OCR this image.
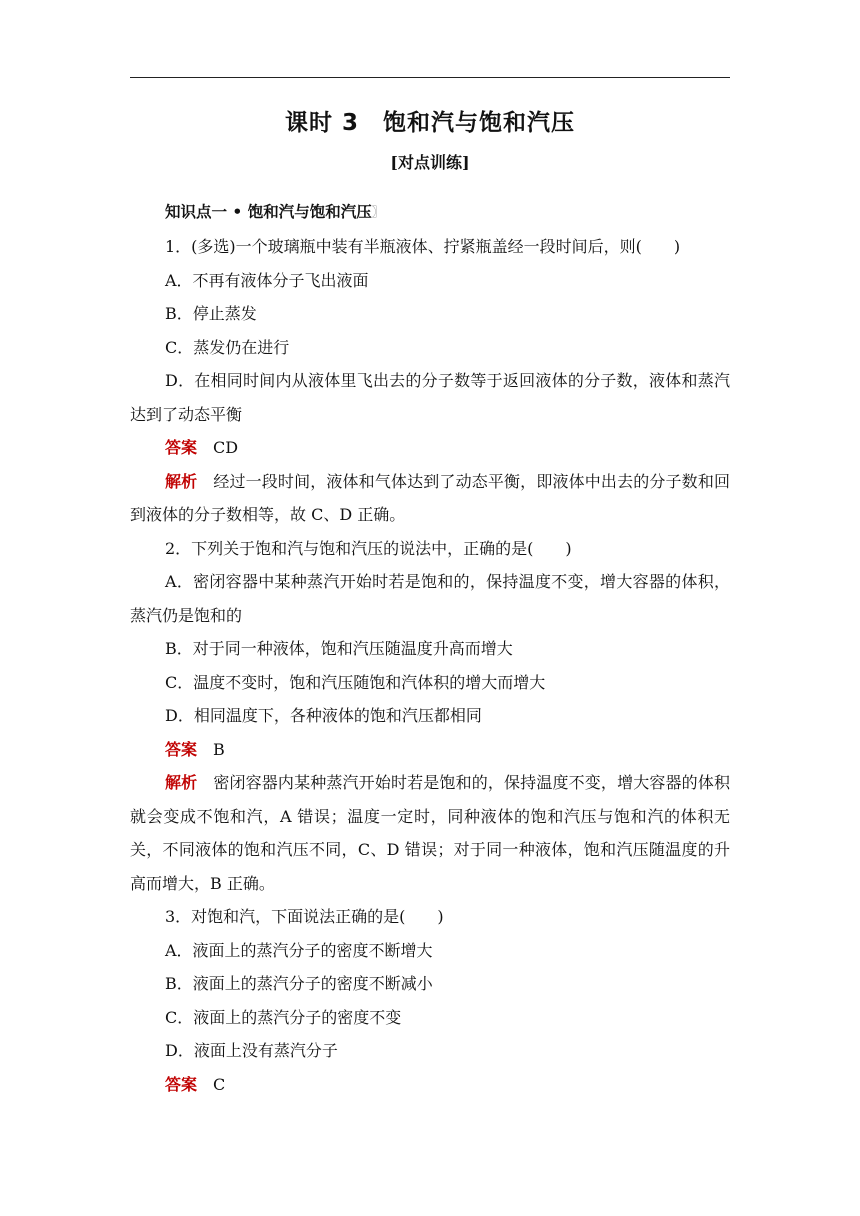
课时 3　饱和汽与饱和汽压
[对点训练]
知识点一 • 饱和汽与饱和汽压〗

1．(多选)一个玻璃瓶中装有半瓶液体、拧紧瓶盖经一段时间后，则(　　)

A．不再有液体分子飞出液面

B．停止蒸发

C．蒸发仍在进行

D．在相同时间内从液体里飞出去的分子数等于返回液体的分子数，液体和蒸汽达到了动态平衡

答案 CD

解析 经过一段时间，液体和气体达到了动态平衡，即液体中出去的分子数和回到液体的分子数相等，故 C、D 正确。

2．下列关于饱和汽与饱和汽压的说法中，正确的是(　　)

A．密闭容器中某种蒸汽开始时若是饱和的，保持温度不变，增大容器的体积，蒸汽仍是饱和的

B．对于同一种液体，饱和汽压随温度升高而增大

C．温度不变时，饱和汽压随饱和汽体积的增大而增大

D．相同温度下，各种液体的饱和汽压都相同

答案 B

解析 密闭容器内某种蒸汽开始时若是饱和的，保持温度不变，增大容器的体积就会变成不饱和汽，A 错误；温度一定时，同种液体的饱和汽压与饱和汽的体积无关，不同液体的饱和汽压不同，C、D 错误；对于同一种液体，饱和汽压随温度的升高而增大，B 正确。

3．对饱和汽，下面说法正确的是(　　)

A．液面上的蒸汽分子的密度不断增大

B．液面上的蒸汽分子的密度不断减小

C．液面上的蒸汽分子的密度不变

D．液面上没有蒸汽分子

答案 C
